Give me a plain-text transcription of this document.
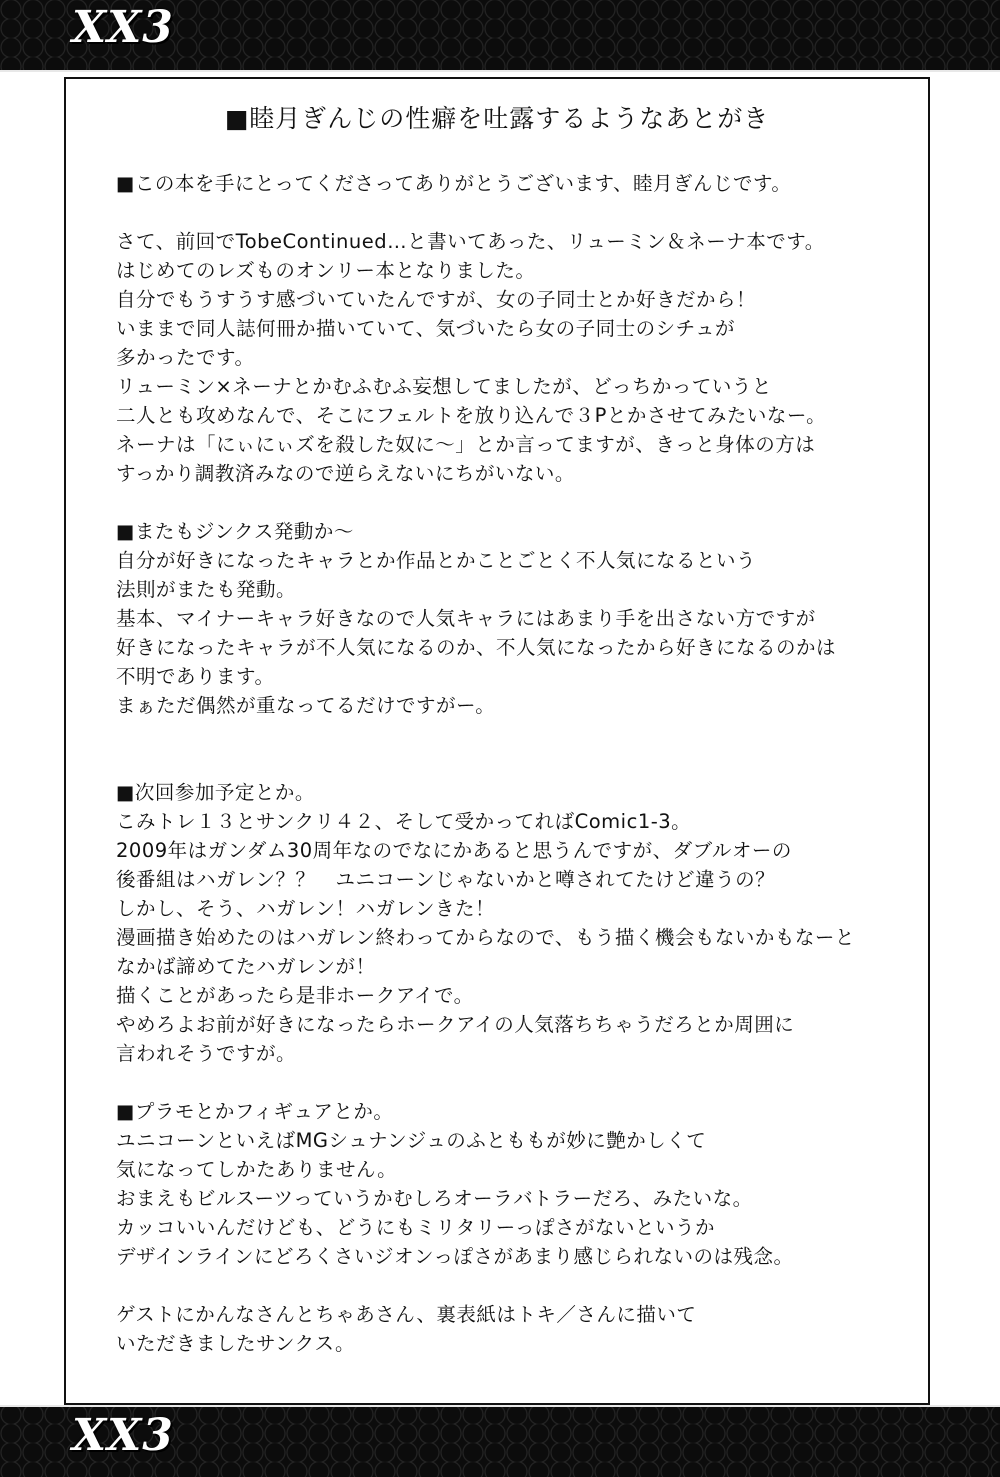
XX3
■睦月ぎんじの性癖を吐露するようなあとがき
■この本を手にとってくださってありがとうございます、睦月ぎんじです。
さて、前回でTobeContinued…と書いてあった、リューミン＆ネーナ本です。
はじめてのレズものオンリー本となりました。
自分でもうすうす感づいていたんですが、女の子同士とか好きだから！
いままで同人誌何冊か描いていて、気づいたら女の子同士のシチュが
多かったです。
リューミン×ネーナとかむふむふ妄想してましたが、どっちかっていうと
二人とも攻めなんで、そこにフェルトを放り込んで３Pとかさせてみたいなー。
ネーナは「にぃにぃズを殺した奴に～」とか言ってますが、きっと身体の方は
すっかり調教済みなので逆らえないにちがいない。
■またもジンクス発動か～
自分が好きになったキャラとか作品とかことごとく不人気になるという
法則がまたも発動。
基本、マイナーキャラ好きなので人気キャラにはあまり手を出さない方ですが
好きになったキャラが不人気になるのか、不人気になったから好きになるのかは
不明であります。
まぁただ偶然が重なってるだけですがー。
■次回参加予定とか。
こみトレ１３とサンクリ４２、そして受かってればComic1-3。
2009年はガンダム30周年なのでなにかあると思うんですが、ダブルオーの
後番組はハガレン？？　ユニコーンじゃないかと噂されてたけど違うの？
しかし、そう、ハガレン！ハガレンきた！
漫画描き始めたのはハガレン終わってからなので、もう描く機会もないかもなーと
なかば諦めてたハガレンが！
描くことがあったら是非ホークアイで。
やめろよお前が好きになったらホークアイの人気落ちちゃうだろとか周囲に
言われそうですが。
■プラモとかフィギュアとか。
ユニコーンといえばMGシュナンジュのふとももが妙に艶かしくて
気になってしかたありません。
おまえもビルスーツっていうかむしろオーラバトラーだろ、みたいな。
カッコいいんだけども、どうにもミリタリーっぽさがないというか
デザインラインにどろくさいジオンっぽさがあまり感じられないのは残念。
ゲストにかんなさんとちゃあさん、裏表紙はトキ／さんに描いて
いただきましたサンクス。
XX3
